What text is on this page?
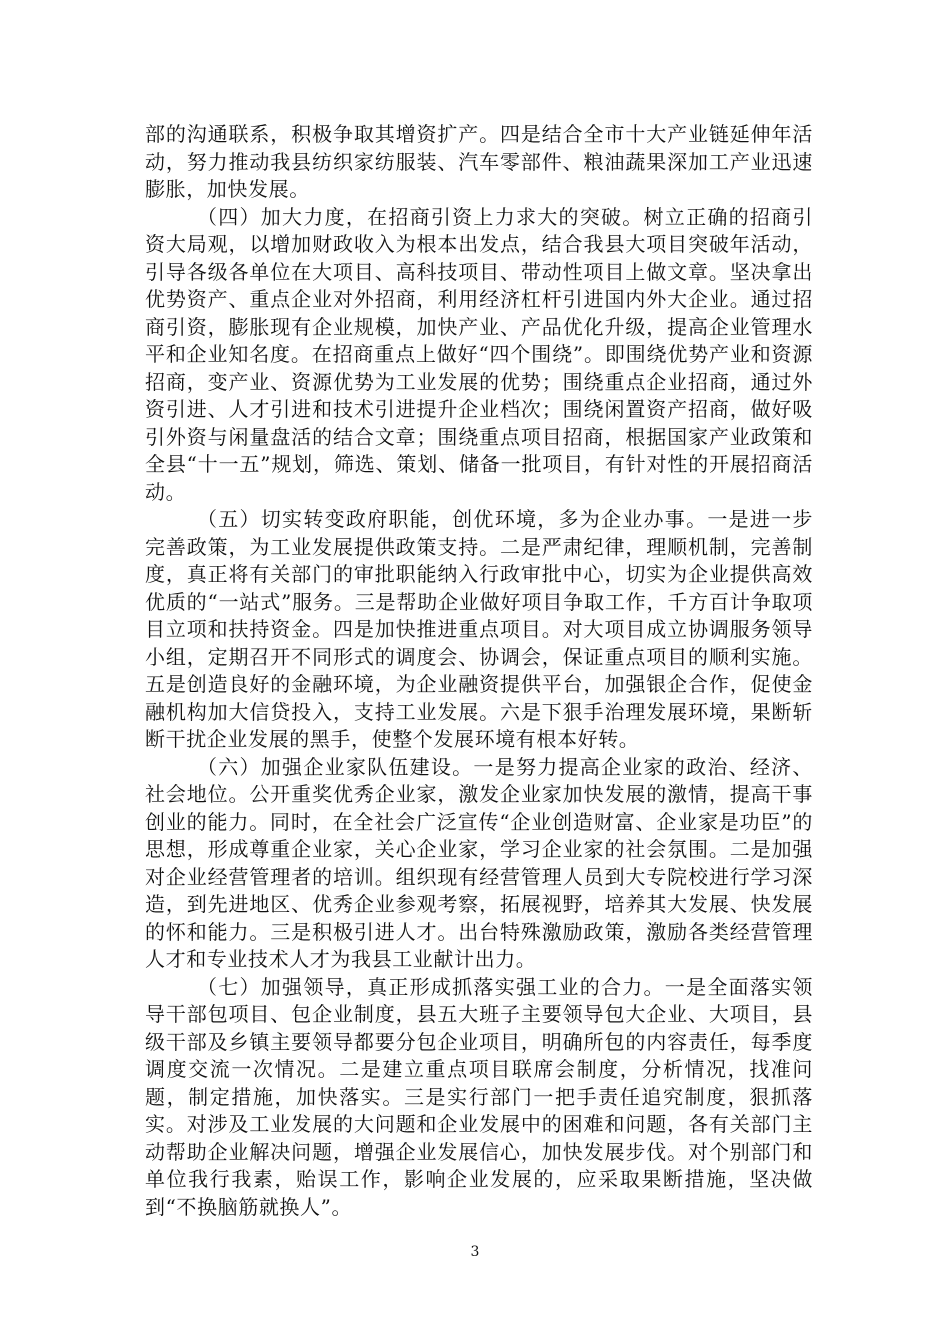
部的沟通联系，积极争取其增资扩产。四是结合全市十大产业链延伸年活动，努力推动我县纺织家纺服装、汽车零部件、粮油蔬果深加工产业迅速膨胀，加快发展。

（四）加大力度，在招商引资上力求大的突破。树立正确的招商引资大局观，以增加财政收入为根本出发点，结合我县大项目突破年活动，引导各级各单位在大项目、高科技项目、带动性项目上做文章。坚决拿出优势资产、重点企业对外招商，利用经济杠杆引进国内外大企业。通过招商引资，膨胀现有企业规模，加快产业、产品优化升级，提高企业管理水平和企业知名度。在招商重点上做好“四个围绕”。即围绕优势产业和资源招商，变产业、资源优势为工业发展的优势；围绕重点企业招商，通过外资引进、人才引进和技术引进提升企业档次；围绕闲置资产招商，做好吸引外资与闲量盘活的结合文章；围绕重点项目招商，根据国家产业政策和全县“十一五”规划，筛选、策划、储备一批项目，有针对性的开展招商活动。

（五）切实转变政府职能，创优环境，多为企业办事。一是进一步完善政策，为工业发展提供政策支持。二是严肃纪律，理顺机制，完善制度，真正将有关部门的审批职能纳入行政审批中心，切实为企业提供高效优质的“一站式”服务。三是帮助企业做好项目争取工作，千方百计争取项目立项和扶持资金。四是加快推进重点项目。对大项目成立协调服务领导小组，定期召开不同形式的调度会、协调会，保证重点项目的顺利实施。五是创造良好的金融环境，为企业融资提供平台，加强银企合作，促使金融机构加大信贷投入，支持工业发展。六是下狠手治理发展环境，果断斩断干扰企业发展的黑手，使整个发展环境有根本好转。

（六）加强企业家队伍建设。一是努力提高企业家的政治、经济、社会地位。公开重奖优秀企业家，激发企业家加快发展的激情，提高干事创业的能力。同时，在全社会广泛宣传“企业创造财富、企业家是功臣”的思想，形成尊重企业家，关心企业家，学习企业家的社会氛围。二是加强对企业经营管理者的培训。组织现有经营管理人员到大专院校进行学习深造，到先进地区、优秀企业参观考察，拓展视野，培养其大发展、快发展的怀和能力。三是积极引进人才。出台特殊激励政策，激励各类经营管理人才和专业技术人才为我县工业献计出力。

（七）加强领导，真正形成抓落实强工业的合力。一是全面落实领导干部包项目、包企业制度，县五大班子主要领导包大企业、大项目，县级干部及乡镇主要领导都要分包企业项目，明确所包的内容责任，每季度调度交流一次情况。二是建立重点项目联席会制度，分析情况，找准问题，制定措施，加快落实。三是实行部门一把手责任追究制度，狠抓落实。对涉及工业发展的大问题和企业发展中的困难和问题，各有关部门主动帮助企业解决问题，增强企业发展信心，加快发展步伐。对个别部门和单位我行我素，贻误工作，影响企业发展的，应采取果断措施，坚决做到“不换脑筋就换人”。

3
